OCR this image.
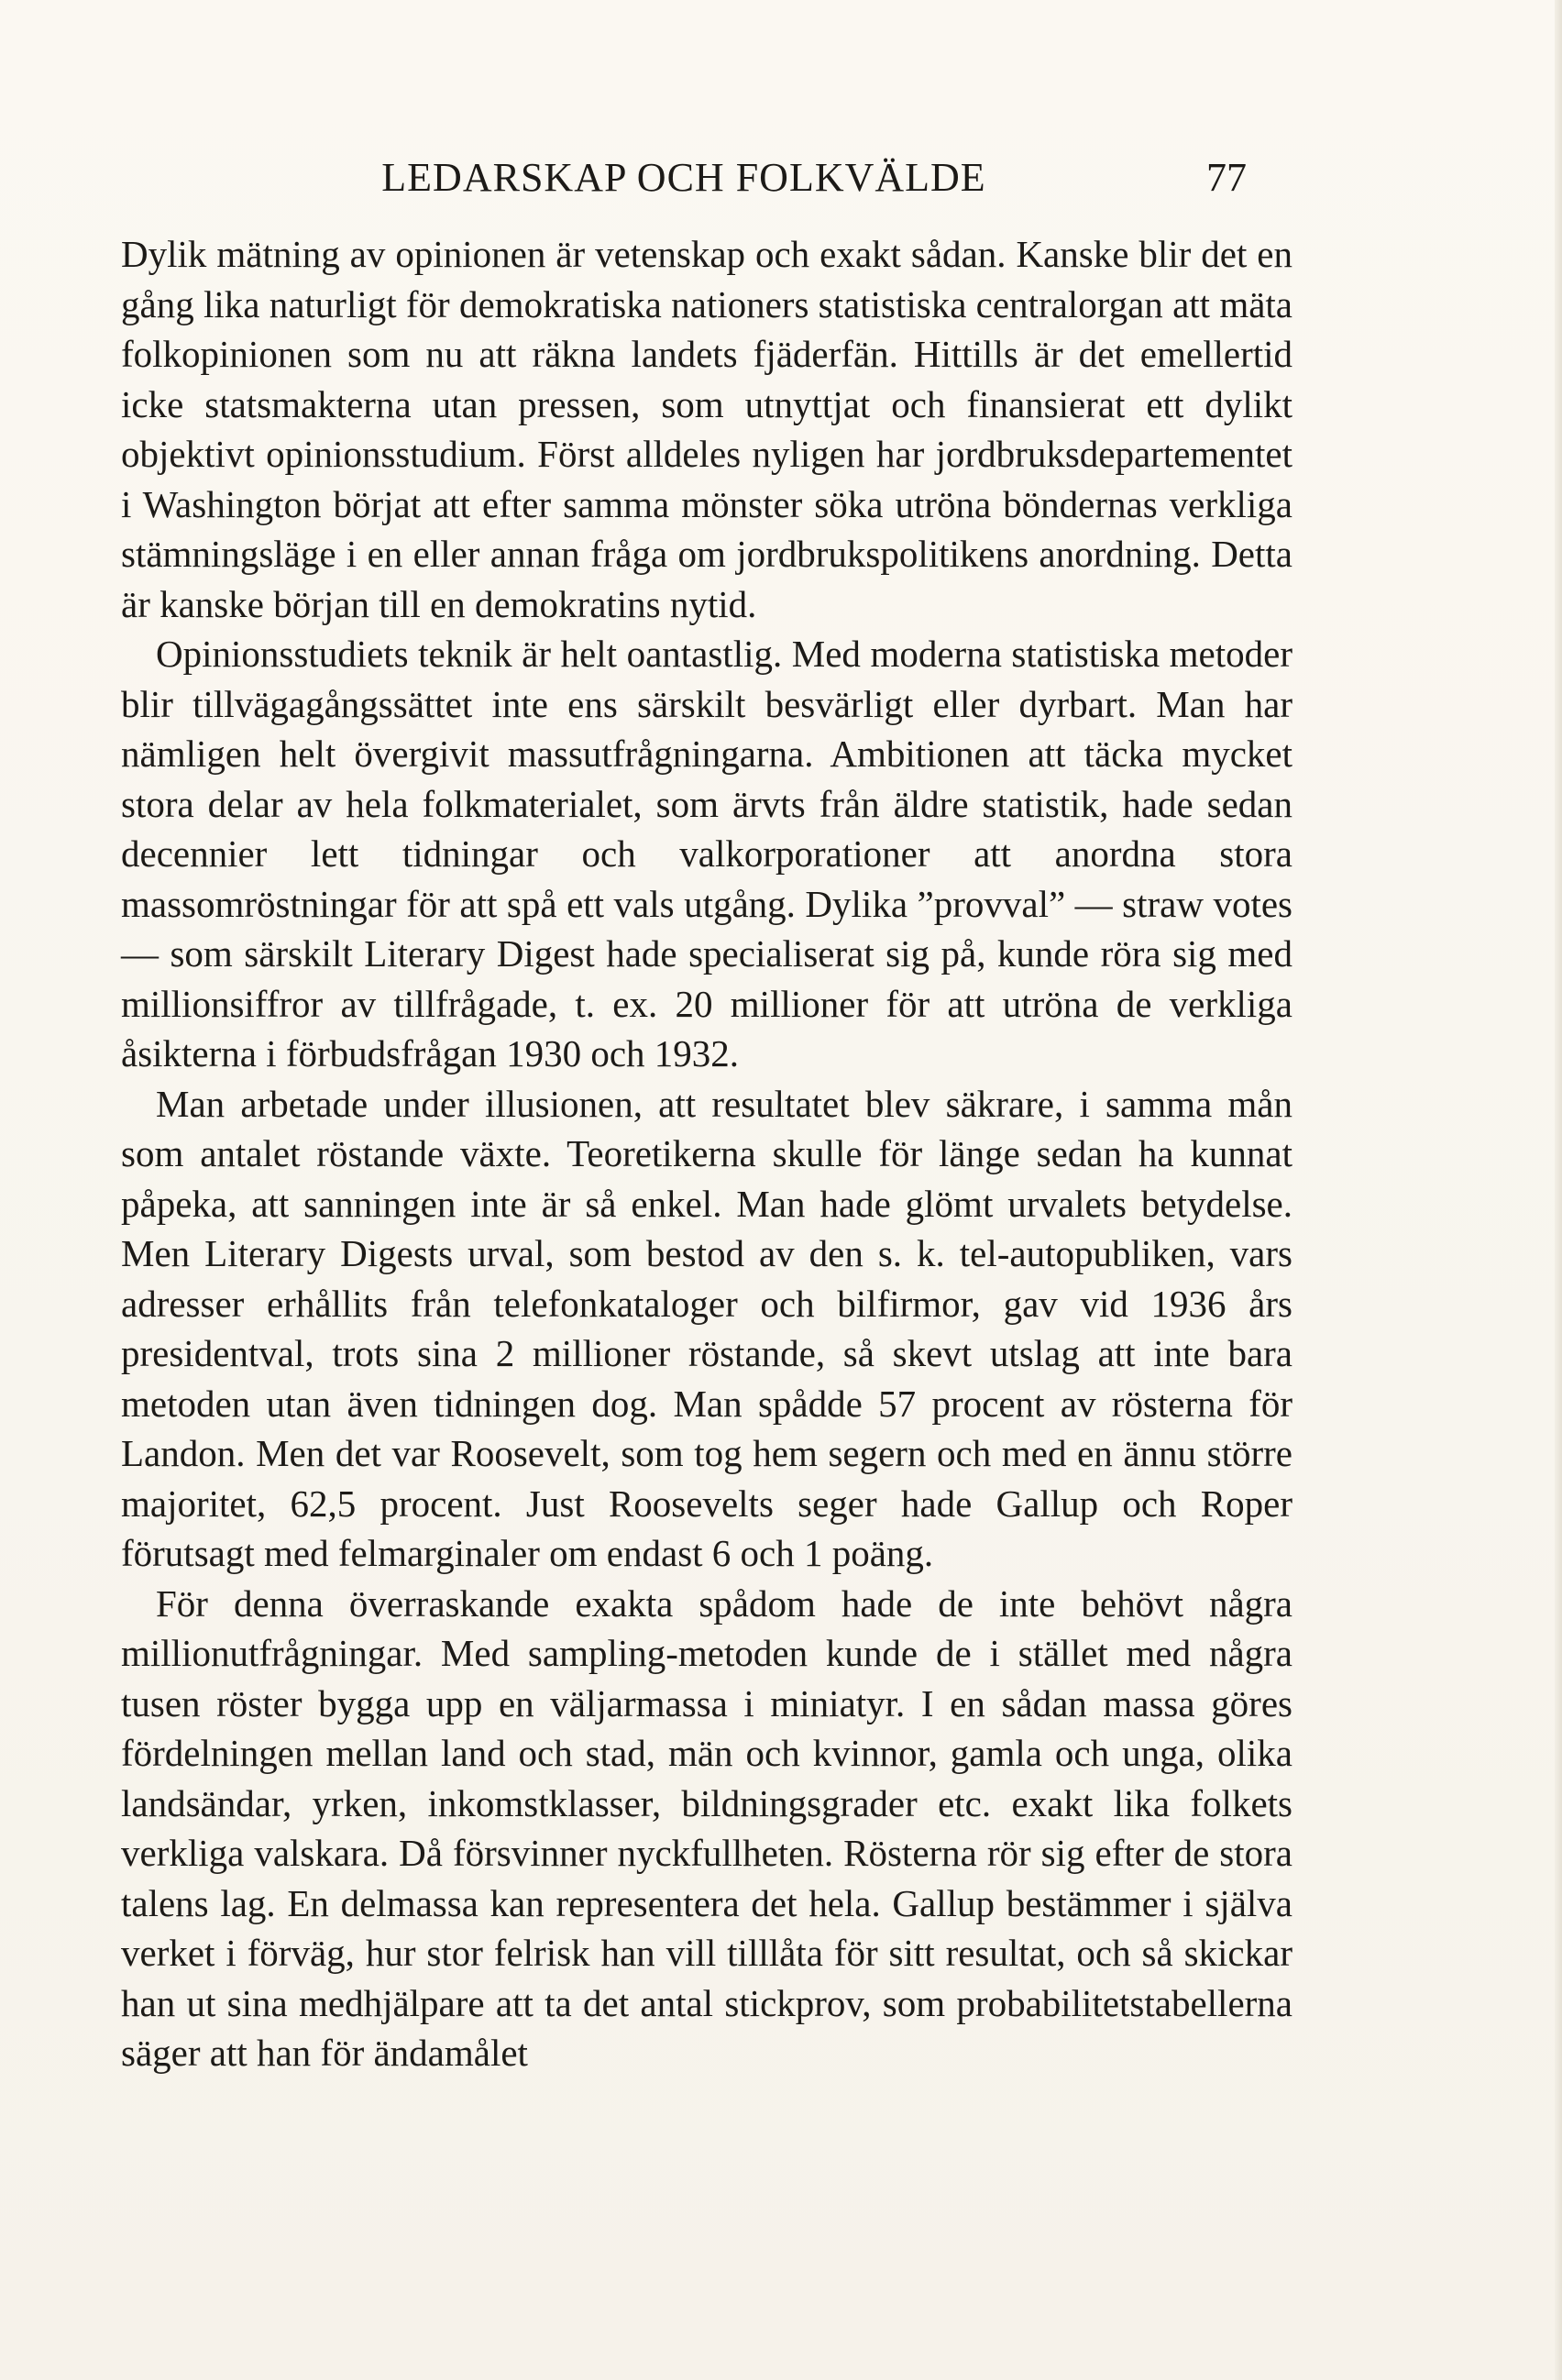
LEDARSKAP OCH FOLKVÄLDE	77

Dylik mätning av opinionen är vetenskap och exakt sådan. Kanske blir det en gång lika naturligt för demokratiska nationers statistiska centralorgan att mäta folkopinionen som nu att räkna landets fjäderfän. Hittills är det emellertid icke statsmakterna utan pressen, som utnyttjat och finansierat ett dylikt objektivt opinionsstudium. Först alldeles nyligen har jordbruksdepartementet i Washington börjat att efter samma mönster söka utröna böndernas verkliga stämningsläge i en eller annan fråga om jordbrukspolitikens anordning. Detta är kanske början till en demokratins nytid.

Opinionsstudiets teknik är helt oantastlig. Med moderna statistiska metoder blir tillvägagångssättet inte ens särskilt besvärligt eller dyrbart. Man har nämligen helt övergivit massutfrågningarna. Ambitionen att täcka mycket stora delar av hela folkmaterialet, som ärvts från äldre statistik, hade sedan decennier lett tidningar och valkorporationer att anordna stora massomröstningar för att spå ett vals utgång. Dylika ”provval” — straw votes — som särskilt Literary Digest hade specialiserat sig på, kunde röra sig med millionsiffror av tillfrågade, t. ex. 20 millioner för att utröna de verkliga åsikterna i förbudsfrågan 1930 och 1932.

Man arbetade under illusionen, att resultatet blev säkrare, i samma mån som antalet röstande växte. Teoretikerna skulle för länge sedan ha kunnat påpeka, att sanningen inte är så enkel. Man hade glömt urvalets betydelse. Men Literary Digests urval, som bestod av den s. k. tel-autopubliken, vars adresser erhållits från telefonkataloger och bilfirmor, gav vid 1936 års presidentval, trots sina 2 millioner röstande, så skevt utslag att inte bara metoden utan även tidningen dog. Man spådde 57 procent av rösterna för Landon. Men det var Roosevelt, som tog hem segern och med en ännu större majoritet, 62,5 procent. Just Roosevelts seger hade Gallup och Roper förutsagt med felmarginaler om endast 6 och 1 poäng.

För denna överraskande exakta spådom hade de inte behövt några millionutfrågningar. Med sampling-metoden kunde de i stället med några tusen röster bygga upp en väljarmassa i miniatyr. I en sådan massa göres fördelningen mellan land och stad, män och kvinnor, gamla och unga, olika landsändar, yrken, inkomstklasser, bildningsgrader etc. exakt lika folkets verkliga valskara. Då försvinner nyckfullheten. Rösterna rör sig efter de stora talens lag. En delmassa kan representera det hela. Gallup bestämmer i själva verket i förväg, hur stor felrisk han vill tilllåta för sitt resultat, och så skickar han ut sina medhjälpare att ta det antal stickprov, som probabilitetstabellerna säger att han för ändamålet
